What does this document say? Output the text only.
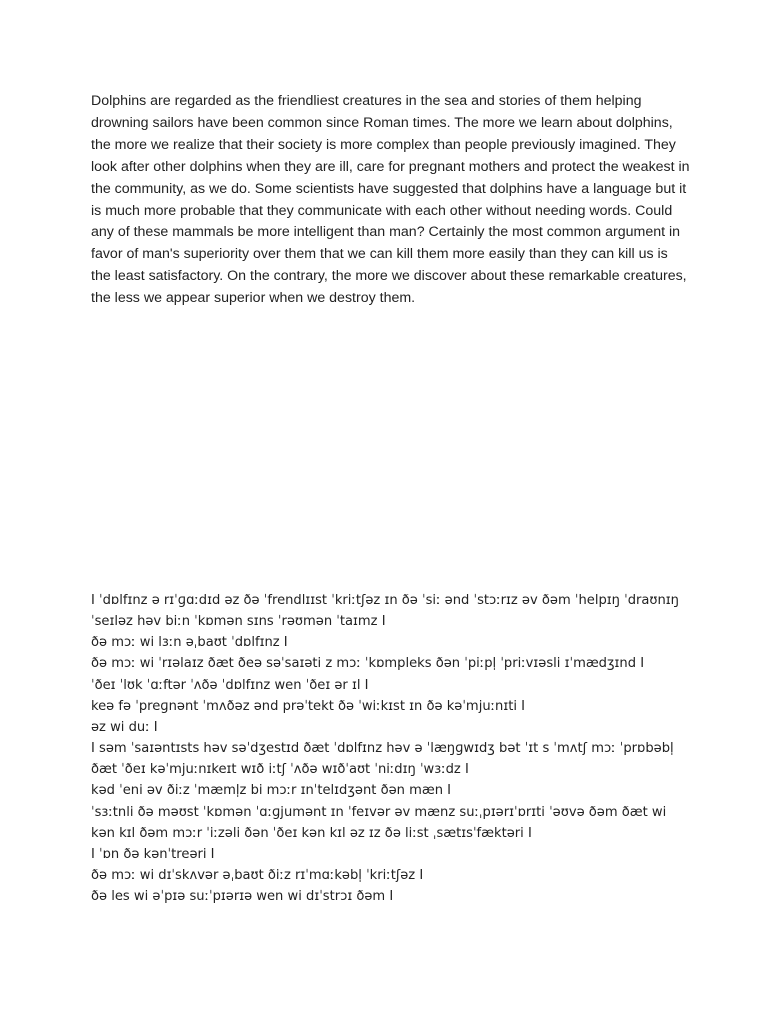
Dolphins are regarded as the friendliest creatures in the sea and stories of them helping drowning sailors have been common since Roman times. The more we learn about dolphins, the more we realize that their society is more complex than people previously imagined. They look after other dolphins when they are ill, care for pregnant mothers and protect the weakest in the community, as we do. Some scientists have suggested that dolphins have a language but it is much more probable that they communicate with each other without needing words. Could any of these mammals be more intelligent than man? Certainly the most common argument in favor of man's superiority over them that we can kill them more easily than they can kill us is the least satisfactory. On the contrary, the more we discover about these remarkable creatures, the less we appear superior when we destroy them.

I ˈdɒlfɪnz ə rɪˈɡɑːdɪd əz ðə ˈfrendlɪɪst ˈkriːtʃəz ɪn ðə ˈsiː ənd ˈstɔːrɪz əv ðəm ˈhelpɪŋ ˈdraʊnɪŋ
ˈseɪləz həv biːn ˈkɒmən sɪns ˈrəʊmən ˈtaɪmz I
ðə mɔː wi lɜːn əˌbaʊt ˈdɒlfɪnz I
ðə mɔː wi ˈrɪəlaɪz ðæt ðeə səˈsaɪəti z mɔː ˈkɒmpleks ðən ˈpiːpl̩ ˈpriːvɪəsli ɪˈmædʒɪnd I
ˈðeɪ ˈlʊk ˈɑːftər ˈʌðə ˈdɒlfɪnz wen ˈðeɪ ər ɪl I
keə fə ˈpreɡnənt ˈmʌðəz ənd prəˈtekt ðə ˈwiːkɪst ɪn ðə kəˈmjuːnɪti I
əz wi duː I
I səm ˈsaɪəntɪsts həv səˈdʒestɪd ðæt ˈdɒlfɪnz həv ə ˈlæŋɡwɪdʒ bət ˈɪt s ˈmʌtʃ mɔː ˈprɒbəbl̩
ðæt ˈðeɪ kəˈmjuːnɪkeɪt wɪð iːtʃ ˈʌðə wɪðˈaʊt ˈniːdɪŋ ˈwɜːdz I
kəd ˈeni əv ðiːz ˈmæml̩z bi mɔːr ɪnˈtelɪdʒənt ðən mæn I
ˈsɜːtnli ðə məʊst ˈkɒmən ˈɑːɡjumənt ɪn ˈfeɪvər əv mænz suːˌpɪərɪˈɒrɪti ˈəʊvə ðəm ðæt wi
kən kɪl ðəm mɔːr ˈiːzəli ðən ˈðeɪ kən kɪl əz ɪz ðə liːst ˌsætɪsˈfæktəri I
I ˈɒn ðə kənˈtreəri I
ðə mɔː wi dɪˈskʌvər əˌbaʊt ðiːz rɪˈmɑːkəbl̩ ˈkriːtʃəz I
ðə les wi əˈpɪə suːˈpɪərɪə wen wi dɪˈstrɔɪ ðəm I
